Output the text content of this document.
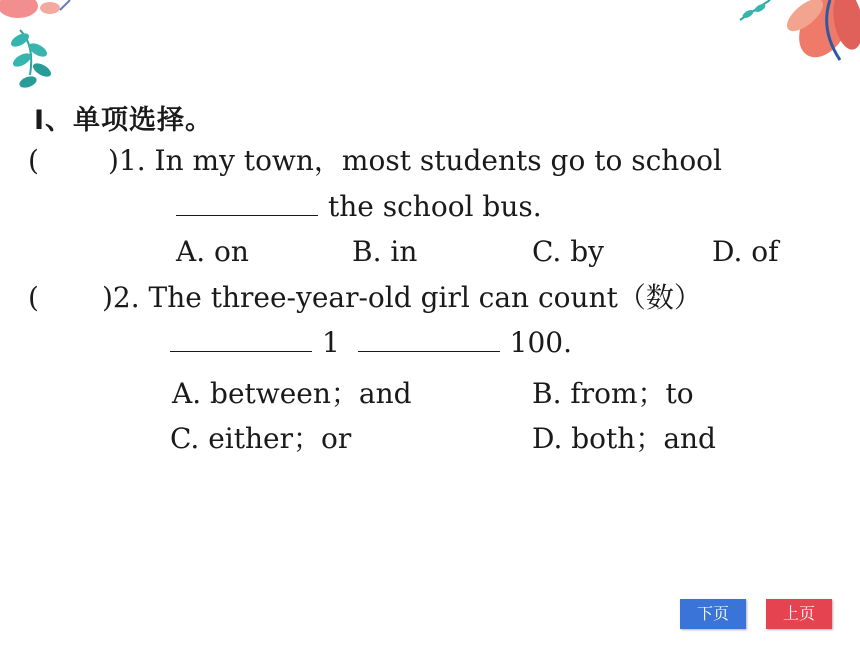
Ⅰ、单项选择。
( )1. In my town，most students go to school
the school bus.
A. on	B. in	C. by	D. of
( )2. The three-year-old girl can count（数）
1	100.
A. between；and	B. from；to
C. either；or	D. both；and
下页	上页
